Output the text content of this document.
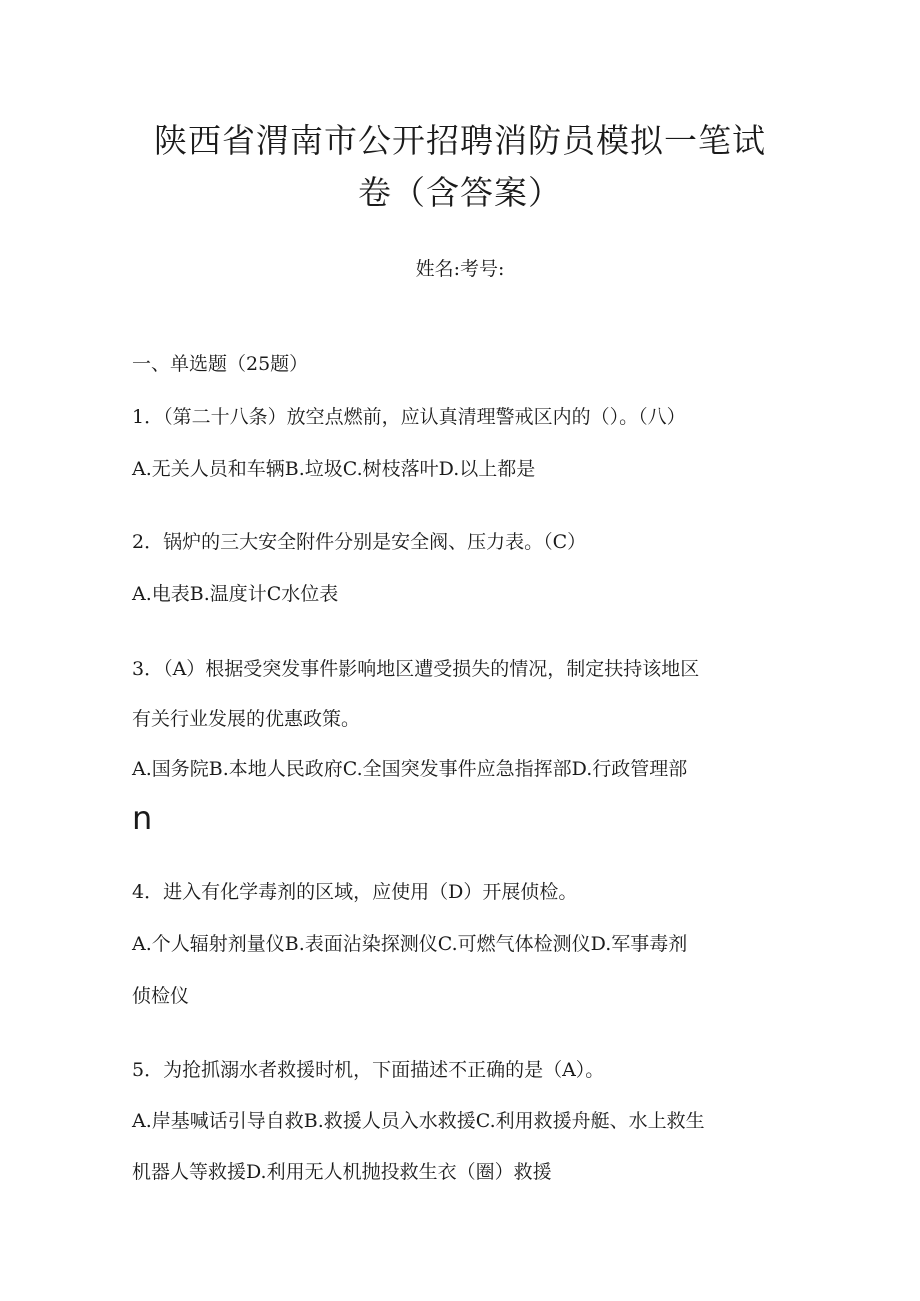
陕西省渭南市公开招聘消防员模拟一笔试
卷（含答案）
姓名:考号:
一、单选题（25题）
1．（第二十八条）放空点燃前，应认真清理警戒区内的（）。（八）
A.无关人员和车辆B.垃圾C.树枝落叶D.以上都是
2．锅炉的三大安全附件分别是安全阀、压力表。（C）
A.电表B.温度计C水位表
3．（A）根据受突发事件影响地区遭受损失的情况，制定扶持该地区
有关行业发展的优惠政策。
A.国务院B.本地人民政府C.全国突发事件应急指挥部D.行政管理部
n
4．进入有化学毒剂的区域，应使用（D）开展侦检。
A.个人辐射剂量仪B.表面沾染探测仪C.可燃气体检测仪D.军事毒剂
侦检仪
5．为抢抓溺水者救援时机，下面描述不正确的是（A）。
A.岸基喊话引导自救B.救援人员入水救援C.利用救援舟艇、水上救生
机器人等救援D.利用无人机抛投救生衣（圈）救援
